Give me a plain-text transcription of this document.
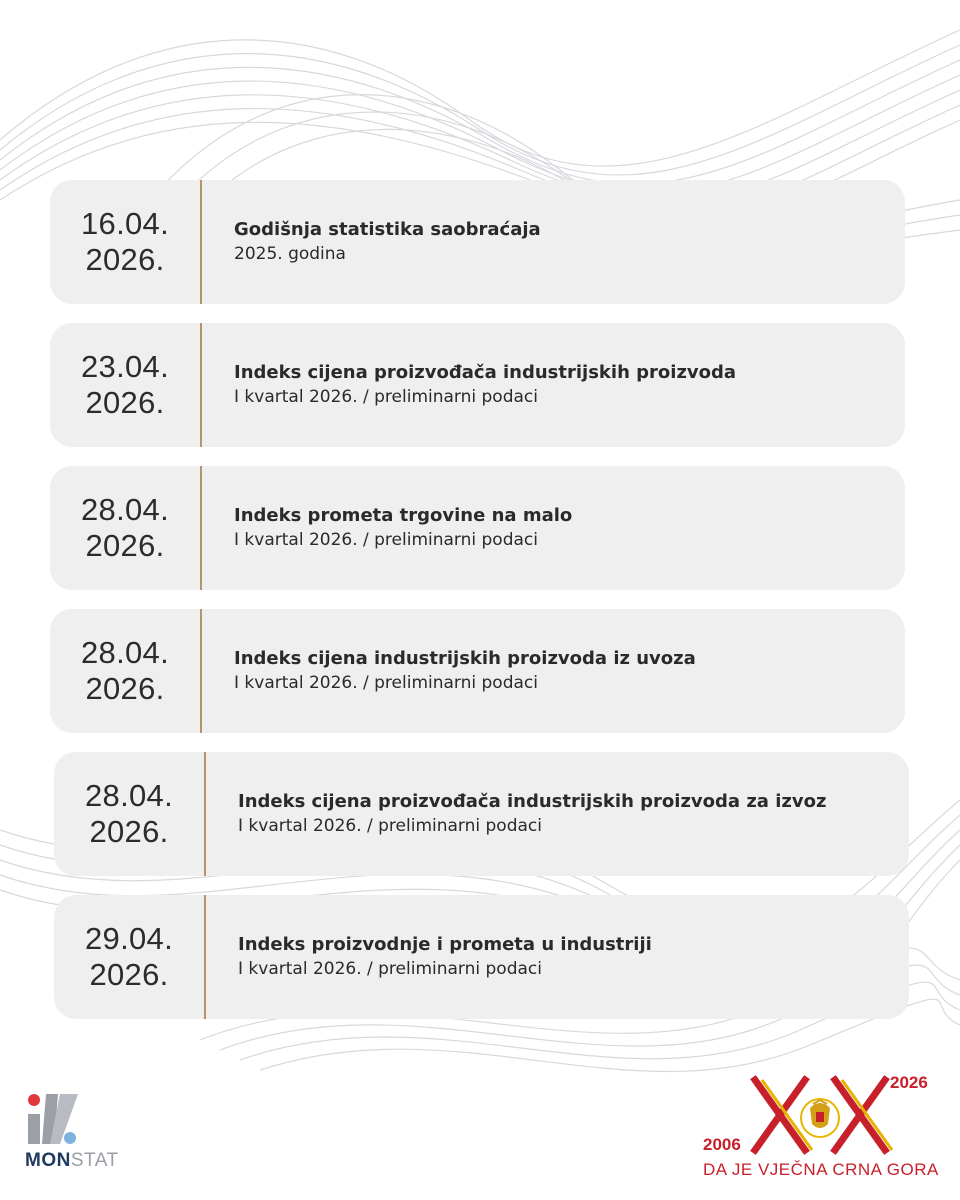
16.04.
2026.
Godišnja statistika saobraćaja
2025. godina
23.04.
2026.
Indeks cijena proizvođača industrijskih proizvoda
I kvartal 2026. / preliminarni podaci
28.04.
2026.
Indeks prometa trgovine na malo
I kvartal 2026. / preliminarni podaci
28.04.
2026.
Indeks cijena industrijskih proizvoda iz uvoza
I kvartal 2026. / preliminarni podaci
28.04.
2026.
Indeks cijena proizvođača industrijskih proizvoda za izvoz
I kvartal 2026. / preliminarni podaci
29.04.
2026.
Indeks proizvodnje i prometa u industriji
I kvartal 2026. / preliminarni podaci
MONSTAT
2026
2006
DA JE VJEČNA CRNA GORA
